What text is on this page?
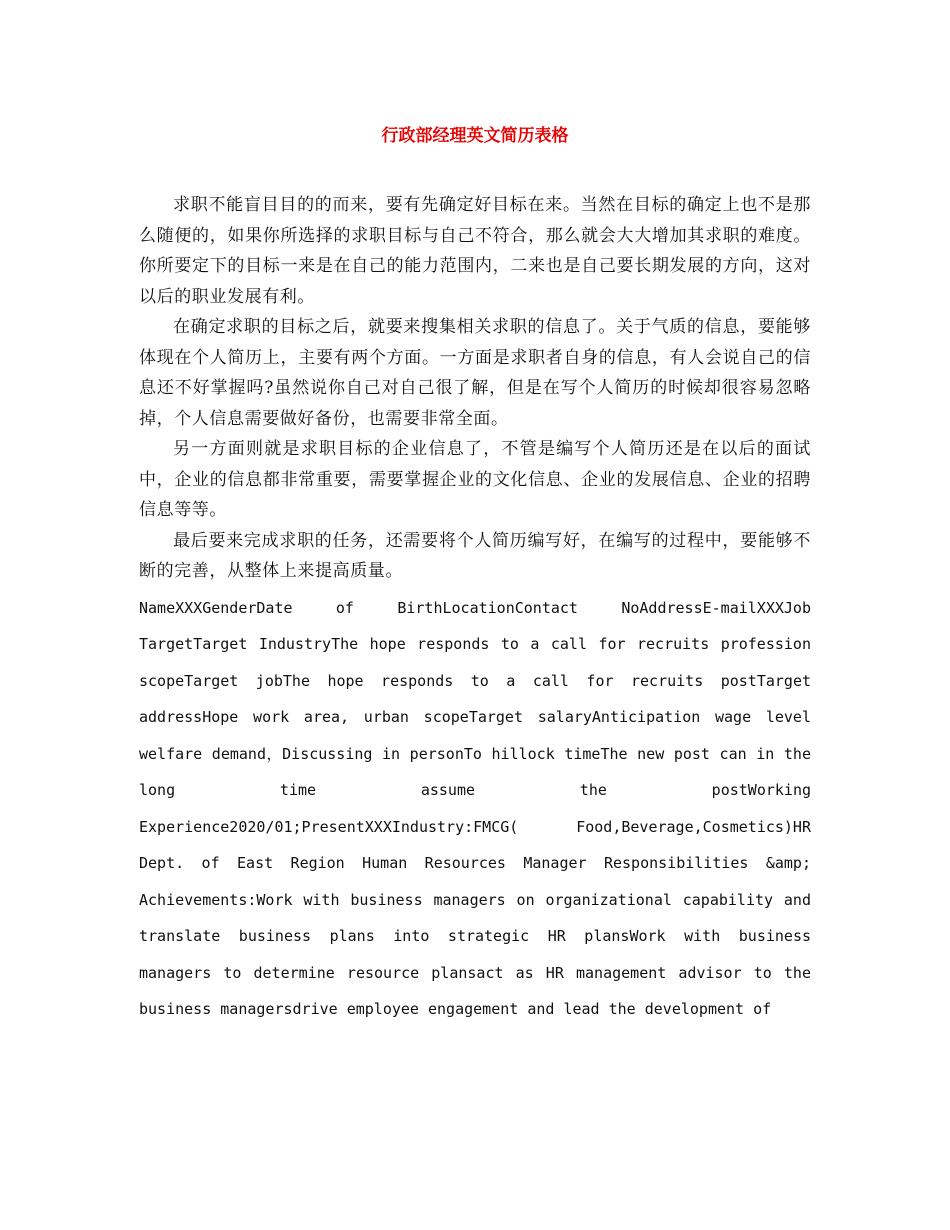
行政部经理英文简历表格

求职不能盲目目的的而来，要有先确定好目标在来。当然在目标的确定上也不是那么随便的，如果你所选择的求职目标与自己不符合，那么就会大大增加其求职的难度。你所要定下的目标一来是在自己的能力范围内，二来也是自己要长期发展的方向，这对以后的职业发展有利。

在确定求职的目标之后，就要来搜集相关求职的信息了。关于气质的信息，要能够体现在个人简历上，主要有两个方面。一方面是求职者自身的信息，有人会说自己的信息还不好掌握吗?虽然说你自己对自己很了解，但是在写个人简历的时候却很容易忽略掉，个人信息需要做好备份，也需要非常全面。

另一方面则就是求职目标的企业信息了，不管是编写个人简历还是在以后的面试中，企业的信息都非常重要，需要掌握企业的文化信息、企业的发展信息、企业的招聘信息等等。

最后要来完成求职的任务，还需要将个人简历编写好，在编写的过程中，要能够不断的完善，从整体上来提高质量。

NameXXXGenderDate of BirthLocationContact NoAddressE-mailXXXJob TargetTarget IndustryThe hope responds to a call for recruits profession scopeTarget jobThe hope responds to a call for recruits postTarget addressHope work area, urban scopeTarget salaryAnticipation wage level welfare demand，Discussing in personTo hillock timeThe new post can in the long time assume the postWorking Experience2020/01;PresentXXXIndustry:FMCG( Food,Beverage,Cosmetics)HR Dept. of East Region Human Resources Manager Responsibilities &amp; Achievements:Work with business managers on organizational capability and translate business plans into strategic HR plansWork with business managers to determine resource plansact as HR management advisor to the business managersdrive employee engagement and lead the development of
